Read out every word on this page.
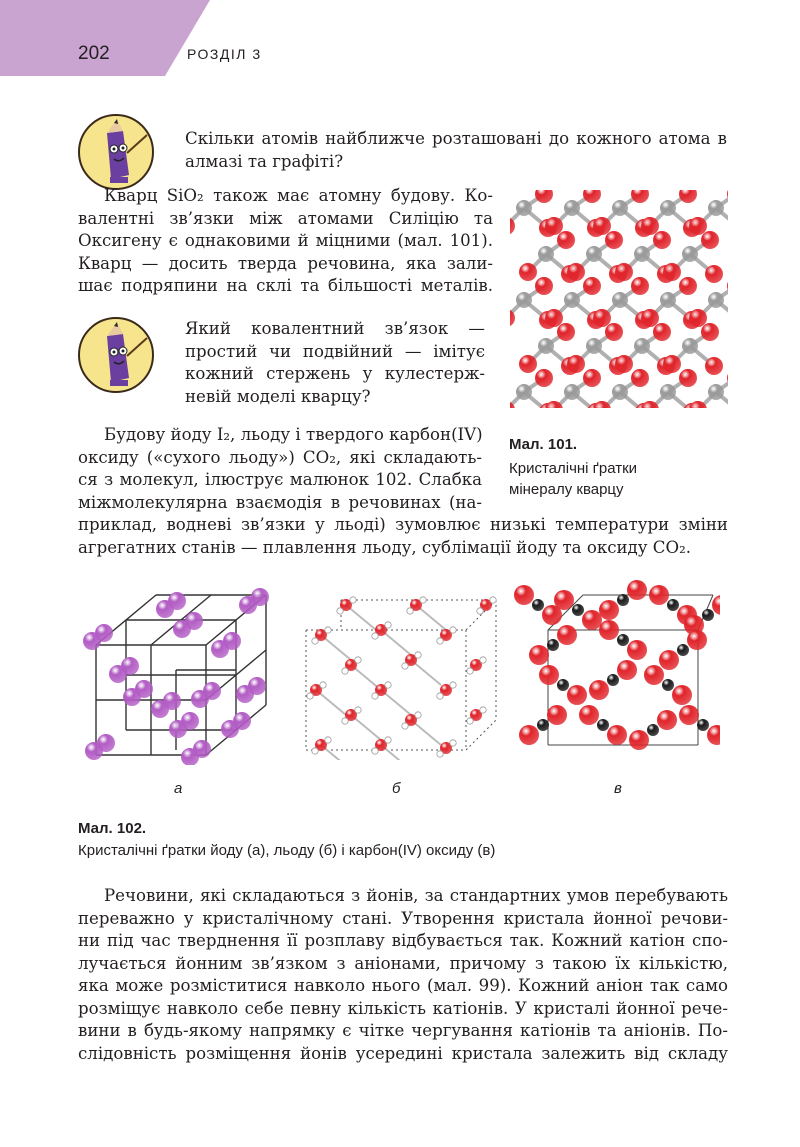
202	РОЗДІЛ 3
Скільки атомів найближче розташовані до кожного атома в
алмазі та графіті?
Кварц SiO₂ також має атомну будову. Ко-
валентні зв’язки між атомами Силіцію та
Оксигену є однаковими й міцними (мал. 101).
Кварц — досить тверда речовина, яка зали-
шає подряпини на склі та більшості металів.
Який ковалентний зв’язок —
простий чи подвійний — імітує
кожний стержень у кулестерж-
невій моделі кварцу?
Мал. 101.
Кристалічні ґратки
мінералу кварцу
Будову йоду I₂, льоду і твердого карбон(IV)
оксиду («сухого льоду») CO₂, які складають-
ся з молекул, ілюструє малюнок 102. Слабка
міжмолекулярна взаємодія в речовинах (на-
приклад, водневі зв’язки у льоді) зумовлює низькі температури зміни
агрегатних станів — плавлення льоду, сублімації йоду та оксиду CO₂.
а	б	в
Мал. 102.
Кристалічні ґратки йоду (а), льоду (б) і карбон(IV) оксиду (в)
Речовини, які складаються з йонів, за стандартних умов перебувають
переважно у кристалічному стані. Утворення кристала йонної речови-
ни під час тверднення її розплаву відбувається так. Кожний катіон спо-
лучається йонним зв’язком з аніонами, причому з такою їх кількістю,
яка може розміститися навколо нього (мал. 99). Кожний аніон так само
розміщує навколо себе певну кількість катіонів. У кристалі йонної рече-
вини в будь-якому напрямку є чітке чергування катіонів та аніонів. По-
слідовність розміщення йонів усередині кристала залежить від складу
